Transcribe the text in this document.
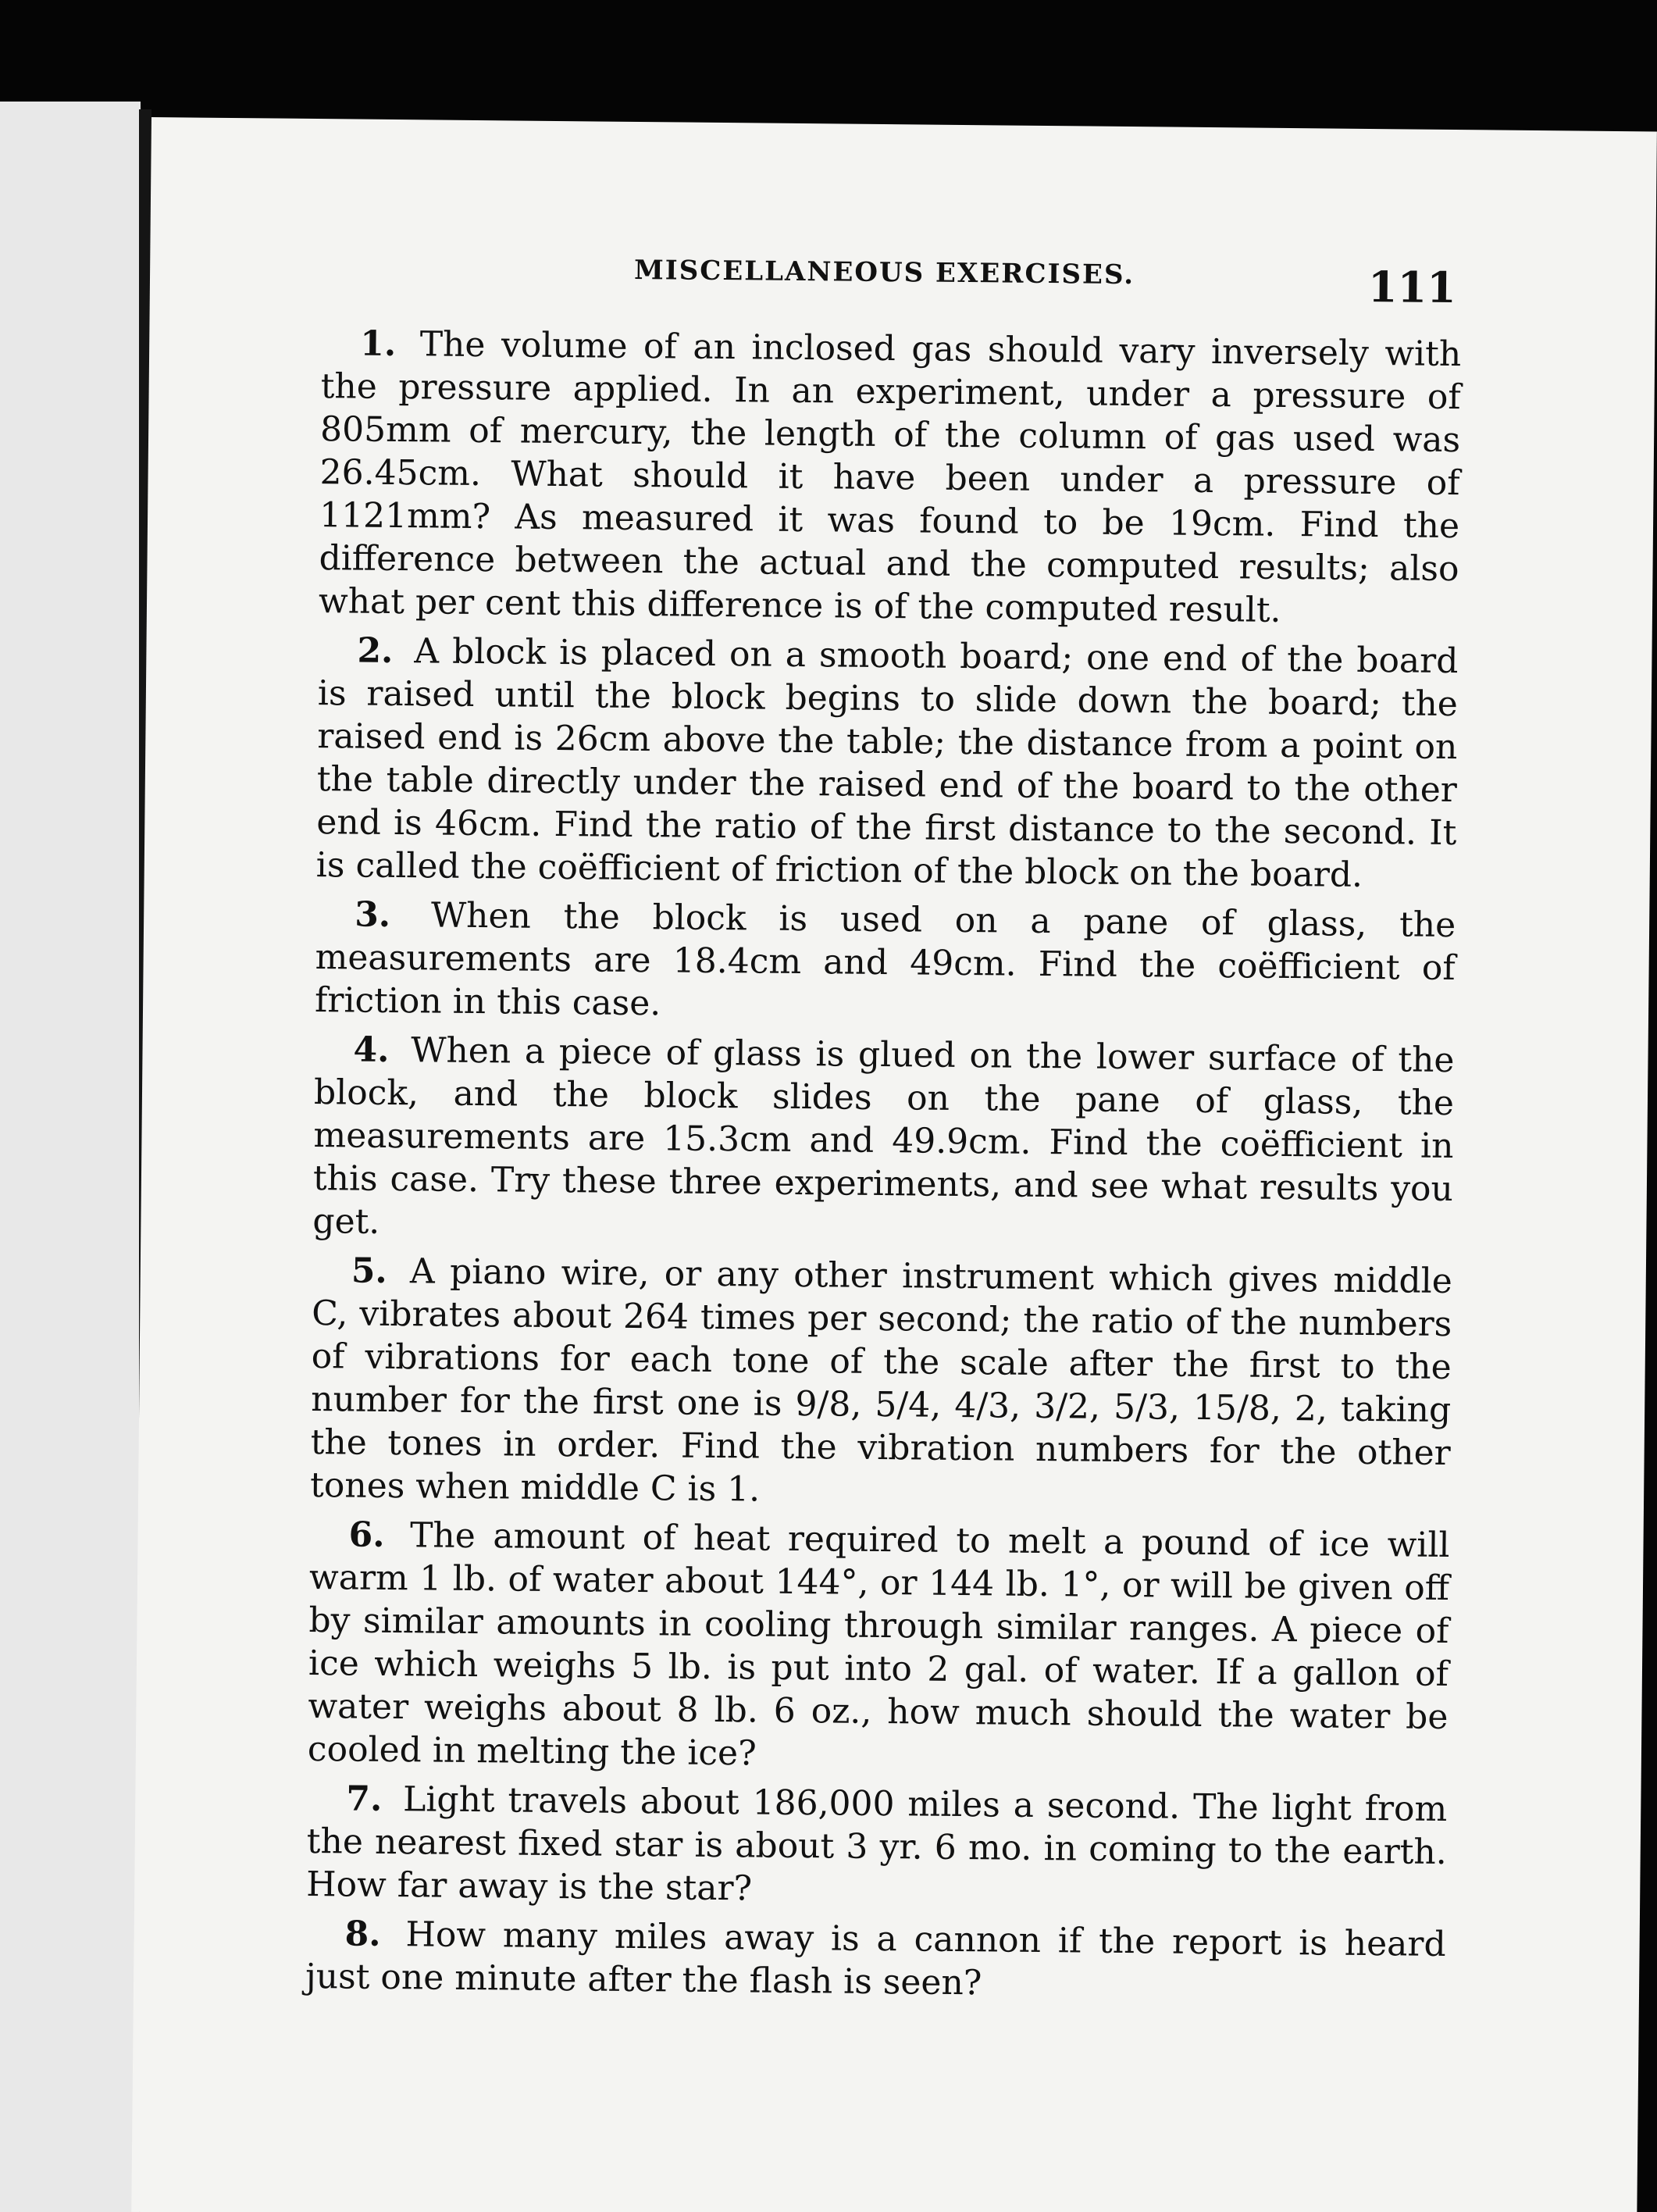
MISCELLANEOUS EXERCISES.	111

1. The volume of an inclosed gas should vary inversely with the pressure applied. In an experiment, under a pressure of 805mm of mercury, the length of the column of gas used was 26.45cm. What should it have been under a pressure of 1121mm? As measured it was found to be 19cm. Find the difference between the actual and the computed results; also what per cent this difference is of the computed result.

2. A block is placed on a smooth board; one end of the board is raised until the block begins to slide down the board; the raised end is 26cm above the table; the distance from a point on the table directly under the raised end of the board to the other end is 46cm. Find the ratio of the first distance to the second. It is called the coëfficient of friction of the block on the board.

3. When the block is used on a pane of glass, the measurements are 18.4cm and 49cm. Find the coëfficient of friction in this case.

4. When a piece of glass is glued on the lower surface of the block, and the block slides on the pane of glass, the measurements are 15.3cm and 49.9cm. Find the coëfficient in this case. Try these three experiments, and see what results you get.

5. A piano wire, or any other instrument which gives middle C, vibrates about 264 times per second; the ratio of the numbers of vibrations for each tone of the scale after the first to the number for the first one is 9/8, 5/4, 4/3, 3/2, 5/3, 15/8, 2, taking the tones in order. Find the vibration numbers for the other tones when middle C is 1.

6. The amount of heat required to melt a pound of ice will warm 1 lb. of water about 144°, or 144 lb. 1°, or will be given off by similar amounts in cooling through similar ranges. A piece of ice which weighs 5 lb. is put into 2 gal. of water. If a gallon of water weighs about 8 lb. 6 oz., how much should the water be cooled in melting the ice?

7. Light travels about 186,000 miles a second. The light from the nearest fixed star is about 3 yr. 6 mo. in coming to the earth. How far away is the star?

8. How many miles away is a cannon if the report is heard just one minute after the flash is seen?
